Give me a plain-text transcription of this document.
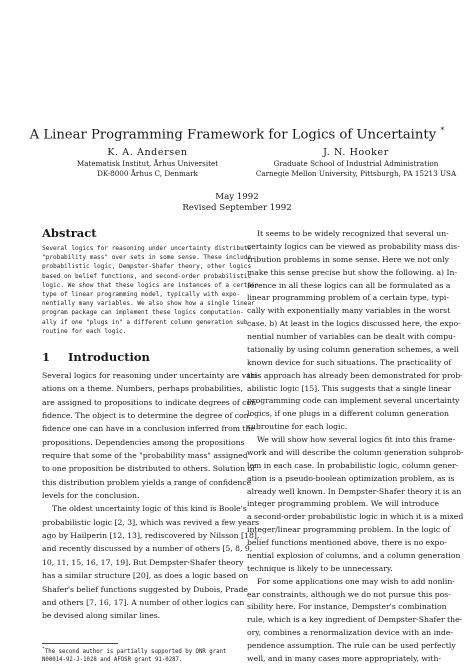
A Linear Programming Framework for Logics of Uncertainty *
K. A. Andersen
Matematisk Institut, Århus Universitet
DK-8000 Århus C, Denmark
J. N. Hooker
Graduate School of Industrial Administration
Carnegie Mellon University, Pittsburgh, PA 15213 USA
May 1992
Revised September 1992
Abstract
Several logics for reasoning under uncertainty distribute
"probability mass" over sets in some sense. These include
probabilistic logic, Dempster-Shafer theory, other logics
based on belief functions, and second-order probabilistic
logic. We show that these logics are instances of a certain
type of linear programming model, typically with expo-
nentially many variables. We also show how a single linear
program package can implement these logics computation-
ally if one "plugs in" a different column generation sub-
routine for each logic.
1 Introduction
Several logics for reasoning under uncertainty are vari-
ations on a theme. Numbers, perhaps probabilities,
are assigned to propositions to indicate degrees of con-
fidence. The object is to determine the degree of con-
fidence one can have in a conclusion inferred from the
propositions. Dependencies among the propositions
require that some of the "probability mass" assigned
to one proposition be distributed to others. Solution of
this distribution problem yields a range of confidence
levels for the conclusion.
The oldest uncertainty logic of this kind is Boole's
probabilistic logic [2, 3], which was revived a few years
ago by Hailperin [12, 13], rediscovered by Nilsson [18],
and recently discussed by a number of others [5, 8, 9,
10, 11, 15, 16, 17, 19]. But Dempster-Shafer theory
has a similar structure [20], as does a logic based on
Shafer's belief functions suggested by Dubois, Prade
and others [7, 16, 17]. A number of other logics can
be devised along similar lines.
It seems to be widely recognized that several un-
certainty logics can be viewed as probability mass dis-
tribution problems in some sense. Here we not only
make this sense precise but show the following. a) In-
ference in all these logics can all be formulated as a
linear programming problem of a certain type, typi-
cally with exponentially many variables in the worst
case. b) At least in the logics discussed here, the expo-
nential number of variables can be dealt with compu-
tationally by using column generation schemes, a well
known device for such situations. The practicality of
this approach has already been demonstrated for prob-
abilistic logic [15]. This suggests that a single linear
programming code can implement several uncertainty
logics, if one plugs in a different column generation
subroutine for each logic.
We will show how several logics fit into this frame-
work and will describe the column generation subprob-
lem in each case. In probabilistic logic, column gener-
ation is a pseudo-boolean optimization problem, as is
already well known. In Dempster-Shafer theory it is an
integer programming problem. We will introduce
a second-order probabilistic logic in which it is a mixed
integer/linear programming problem. In the logic of
belief functions mentioned above, there is no expo-
nential explosion of columns, and a column generation
technique is likely to be unnecessary.
For some applications one may wish to add nonlin-
ear constraints, although we do not pursue this pos-
sibility here. For instance, Dempster's combination
rule, which is a key ingredient of Dempster-Shafer the-
ory, combines a renormalization device with an inde-
pendence assumption. The rule can be used perfectly
well, and in many cases more appropriately, with-
*The second author is partially supported by ONR grant
N00014-92-J-1028 and AFOSR grant 91-0287.
